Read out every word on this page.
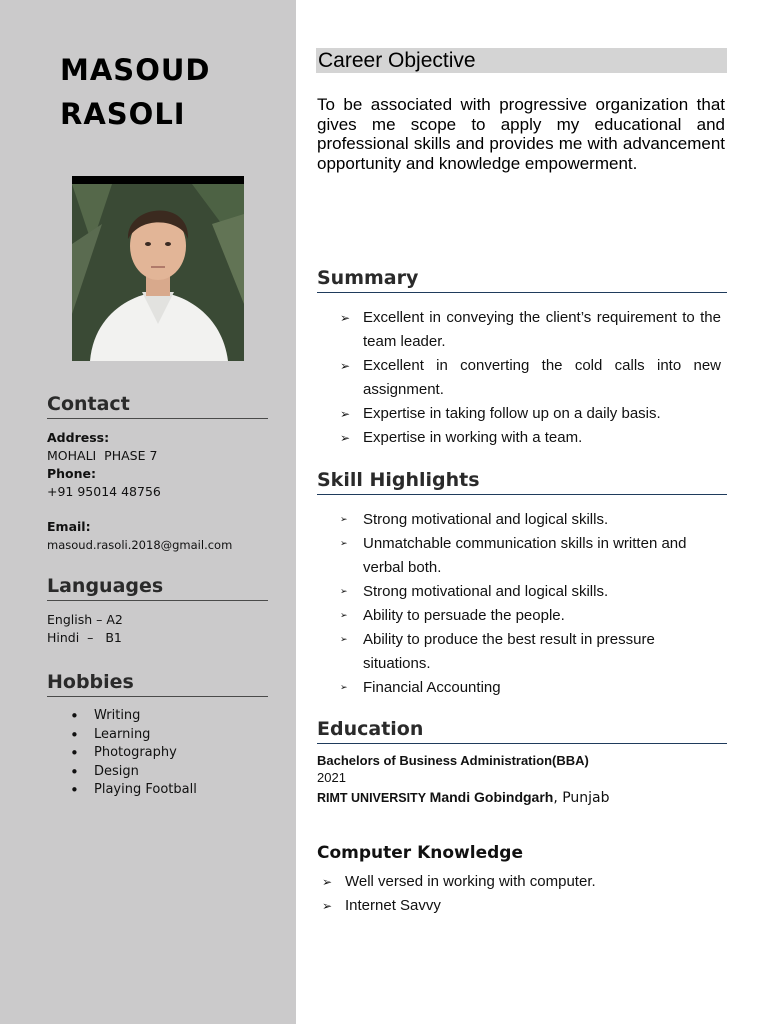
MASOUD
RASOLI
Contact
Address:
MOHALI  PHASE 7
Phone:
+91 95014 48756
Email:
masoud.rasoli.2018@gmail.com
Languages
English – A2
Hindi  –   B1
Hobbies
• Writing
• Learning
• Photography
• Design
• Playing Football
Career Objective
To be associated with progressive organization that gives me scope to apply my educational and professional skills and provides me with advancement opportunity and knowledge empowerment.
Summary
➢ Excellent in conveying the client’s requirement to the team leader.
➢ Excellent in converting the cold calls into new assignment.
➢ Expertise in taking follow up on a daily basis.
➢ Expertise in working with a team.
Skill Highlights
➢ Strong motivational and logical skills.
➢ Unmatchable communication skills in written and verbal both.
➢ Strong motivational and logical skills.
➢ Ability to persuade the people.
➢ Ability to produce the best result in pressure situations.
➢ Financial Accounting
Education
Bachelors of Business Administration(BBA)
2021
RIMT UNIVERSITY Mandi Gobindgarh, Punjab
Computer Knowledge
➢ Well versed in working with computer.
➢ Internet Savvy
